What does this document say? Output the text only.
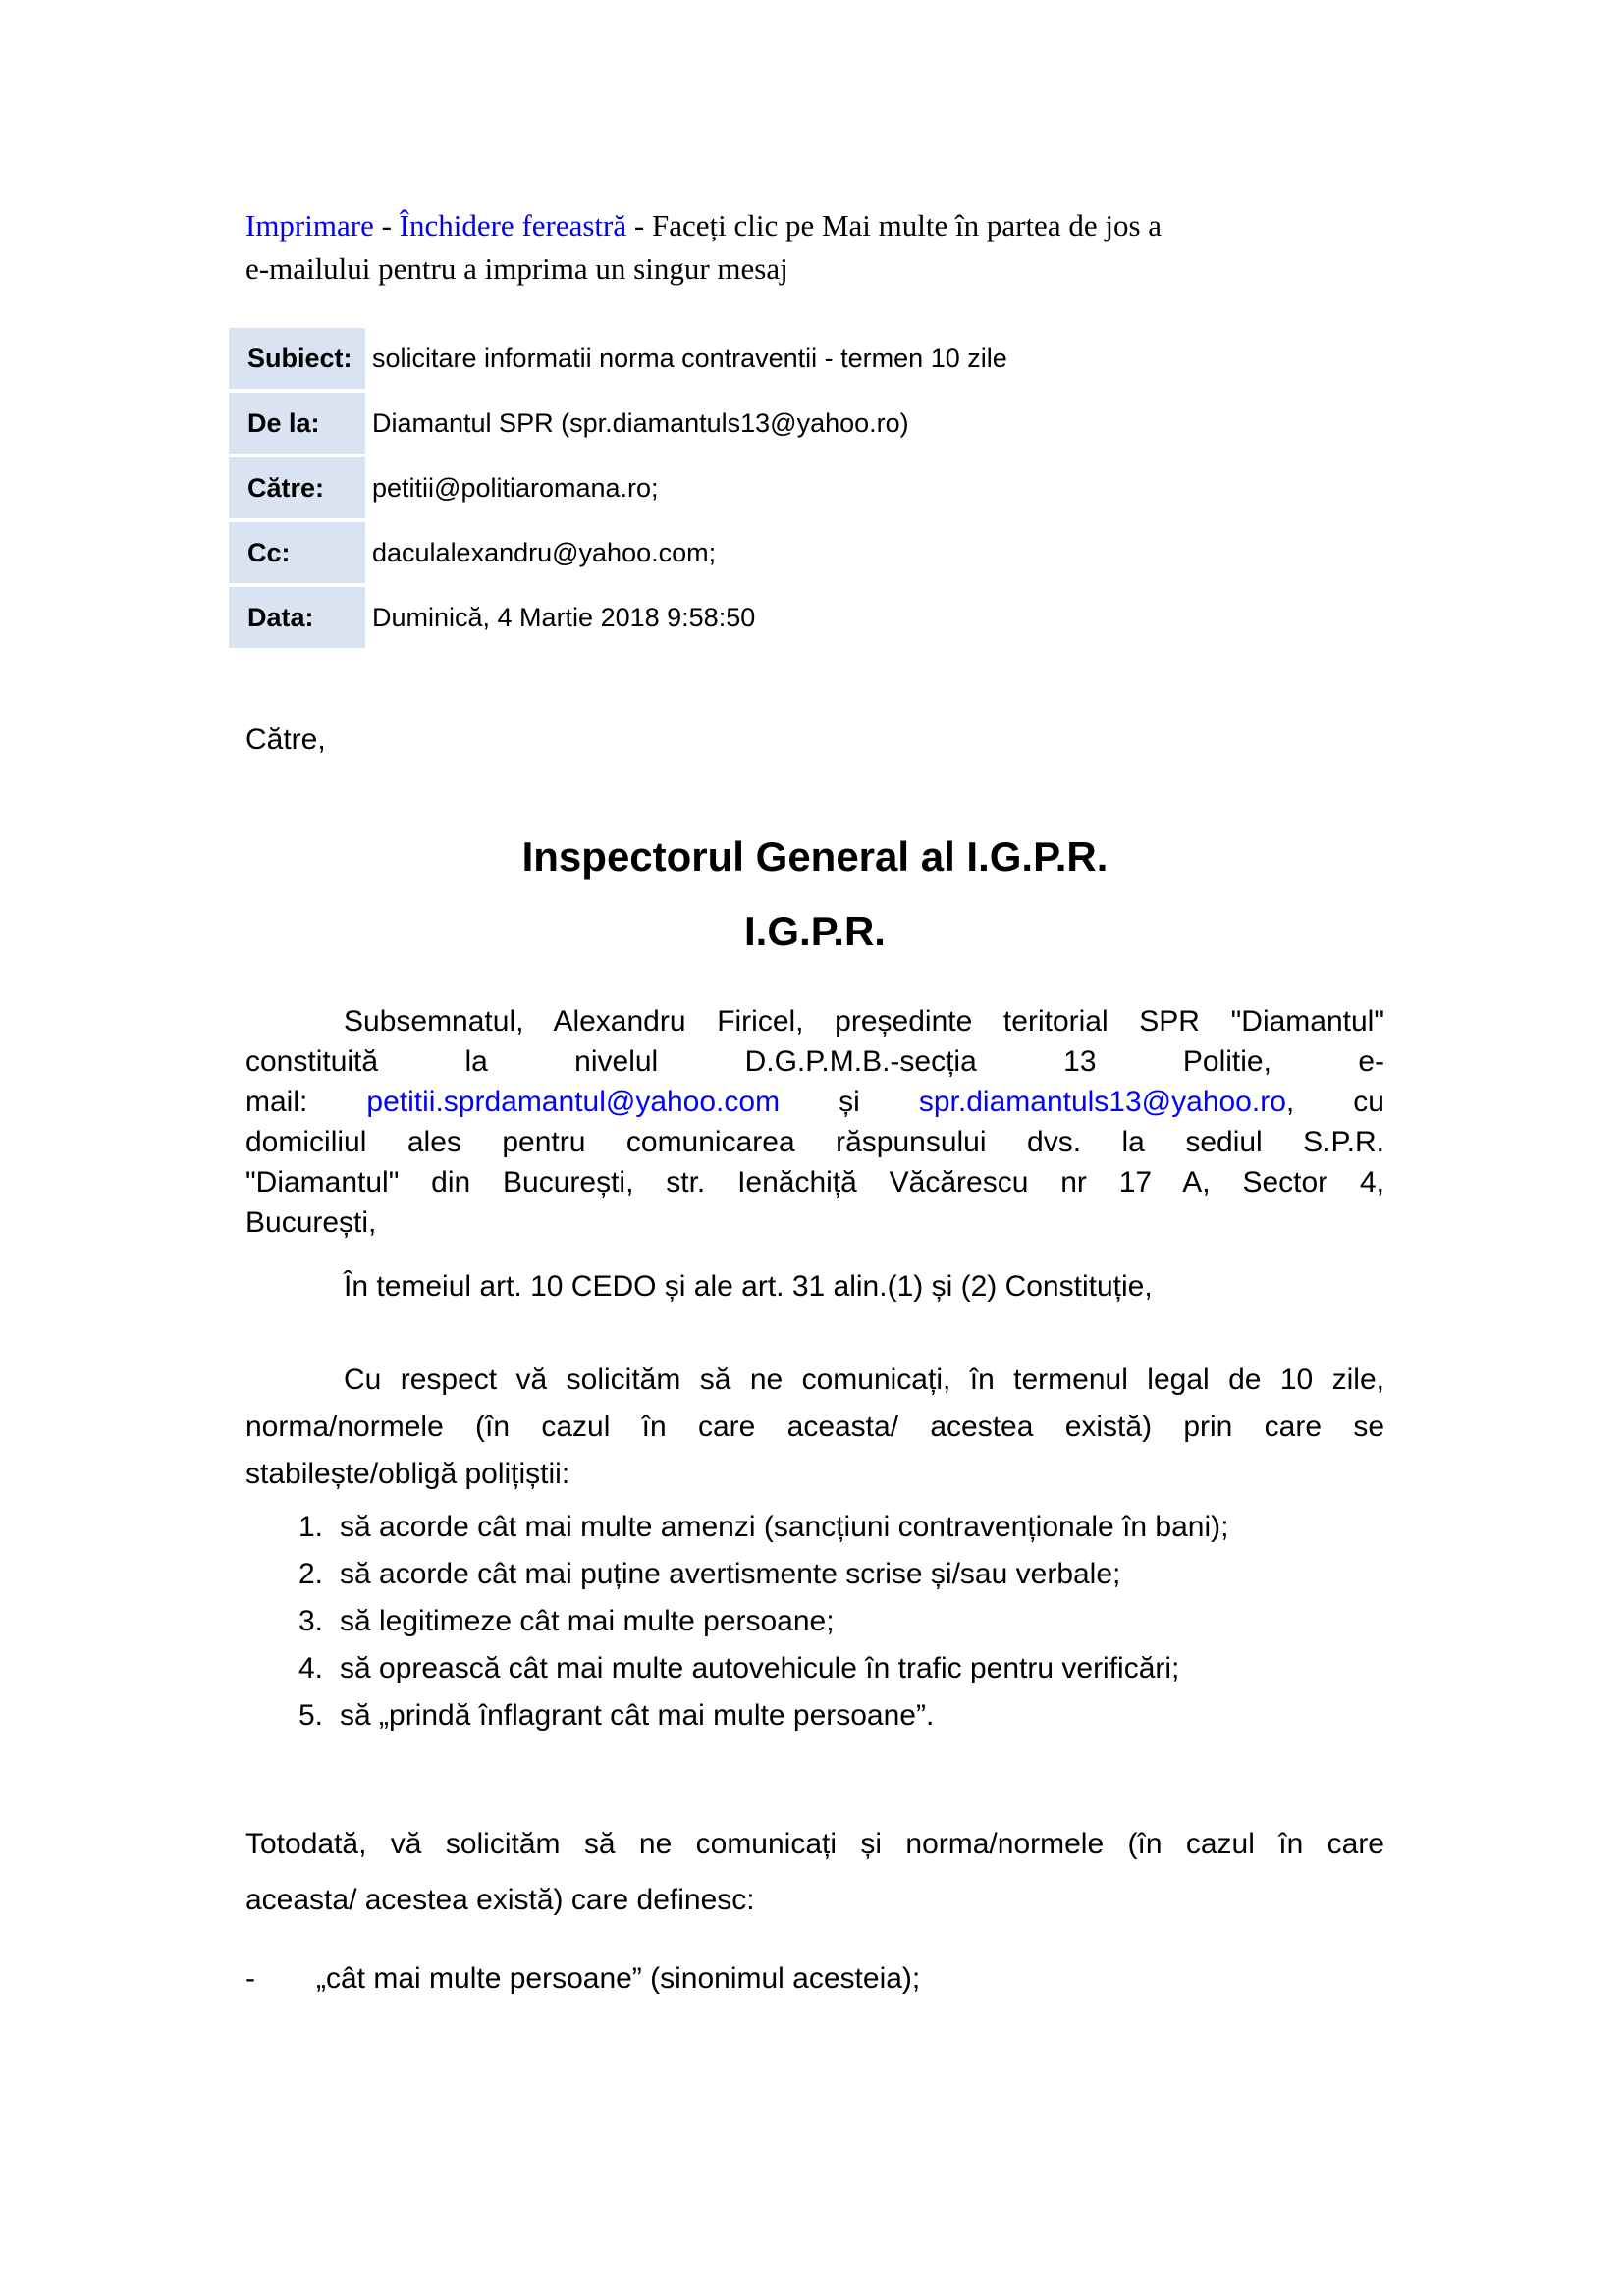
Imprimare - Închidere fereastră - Faceți clic pe Mai multe în partea de jos a
e-mailului pentru a imprima un singur mesaj

Subiect: solicitare informatii norma contraventii - termen 10 zile
De la:	Diamantul SPR (spr.diamantuls13@yahoo.ro)
Către:	petitii@politiaromana.ro;
Cc:	daculalexandru@yahoo.com;
Data:	Duminică, 4 Martie 2018 9:58:50

Către,

Inspectorul General al I.G.P.R.
I.G.P.R.
Subsemnatul, Alexandru Firicel, președinte teritorial SPR "Diamantul"
constituită la nivelul D.G.P.M.B.-secția 13 Politie, e-
mail: petitii.sprdamantul@yahoo.com și spr.diamantuls13@yahoo.ro, cu
domiciliul ales pentru comunicarea răspunsului dvs. la sediul S.P.R.
"Diamantul" din București, str. Ienăchiță Văcărescu nr 17 A, Sector 4,
București,

În temeiul art. 10 CEDO și ale art. 31 alin.(1) și (2) Constituție,

Cu respect vă solicităm să ne comunicați, în termenul legal de 10 zile,
norma/normele (în cazul în care aceasta/ acestea există) prin care se
stabilește/obligă polițiștii:
1. să acorde cât mai multe amenzi (sancțiuni contravenționale în bani);
2. să acorde cât mai puține avertismente scrise și/sau verbale;
3. să legitimeze cât mai multe persoane;
4. să oprească cât mai multe autovehicule în trafic pentru verificări;
5. să „prindă înflagrant cât mai multe persoane”.
Totodată, vă solicităm să ne comunicați și norma/normele (în cazul în care
aceasta/ acestea există) care definesc:

-	„cât mai multe persoane” (sinonimul acesteia);
